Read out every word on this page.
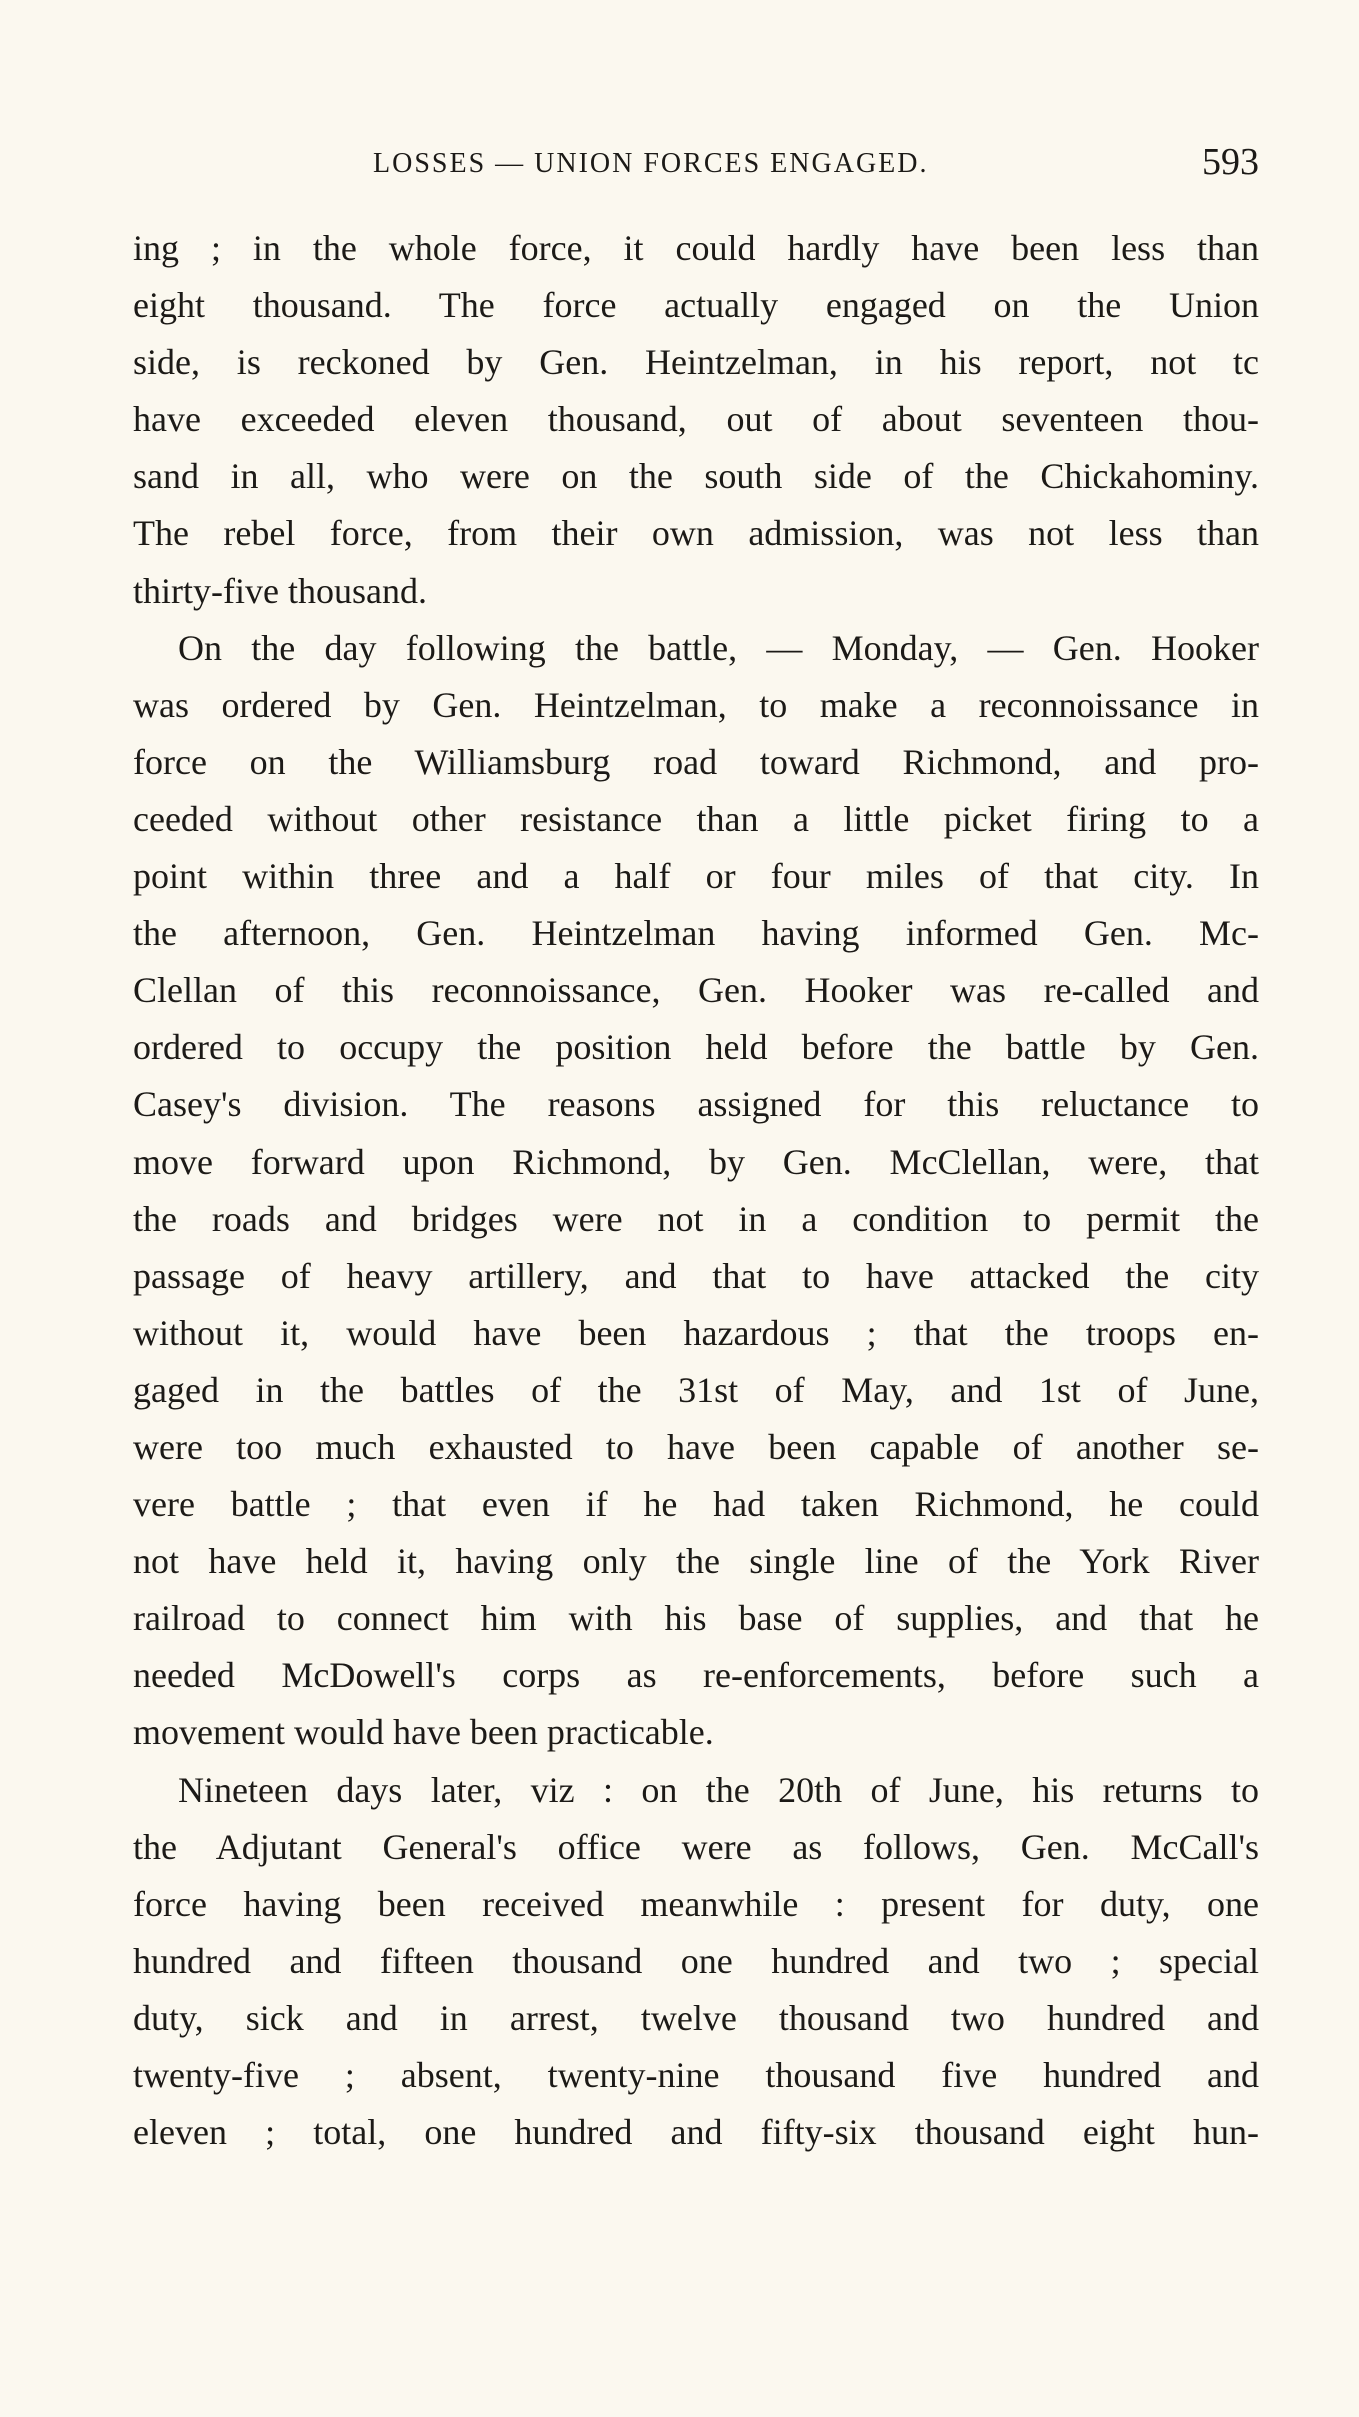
LOSSES — UNION FORCES ENGAGED.	593
ing ; in the whole force, it could hardly have been less than
eight thousand. The force actually engaged on the Union
side, is reckoned by Gen. Heintzelman, in his report, not tc
have exceeded eleven thousand, out of about seventeen thou-
sand in all, who were on the south side of the Chickahominy.
The rebel force, from their own admission, was not less than
thirty-five thousand.
On the day following the battle, — Monday, — Gen. Hooker
was ordered by Gen. Heintzelman, to make a reconnoissance in
force on the Williamsburg road toward Richmond, and pro-
ceeded without other resistance than a little picket firing to a
point within three and a half or four miles of that city. In
the afternoon, Gen. Heintzelman having informed Gen. Mc-
Clellan of this reconnoissance, Gen. Hooker was re-called and
ordered to occupy the position held before the battle by Gen.
Casey's division. The reasons assigned for this reluctance to
move forward upon Richmond, by Gen. McClellan, were, that
the roads and bridges were not in a condition to permit the
passage of heavy artillery, and that to have attacked the city
without it, would have been hazardous ; that the troops en-
gaged in the battles of the 31st of May, and 1st of June,
were too much exhausted to have been capable of another se-
vere battle ; that even if he had taken Richmond, he could
not have held it, having only the single line of the York River
railroad to connect him with his base of supplies, and that he
needed McDowell's corps as re-enforcements, before such a
movement would have been practicable.
Nineteen days later, viz : on the 20th of June, his returns to
the Adjutant General's office were as follows, Gen. McCall's
force having been received meanwhile : present for duty, one
hundred and fifteen thousand one hundred and two ; special
duty, sick and in arrest, twelve thousand two hundred and
twenty-five ; absent, twenty-nine thousand five hundred and
eleven ; total, one hundred and fifty-six thousand eight hun-
